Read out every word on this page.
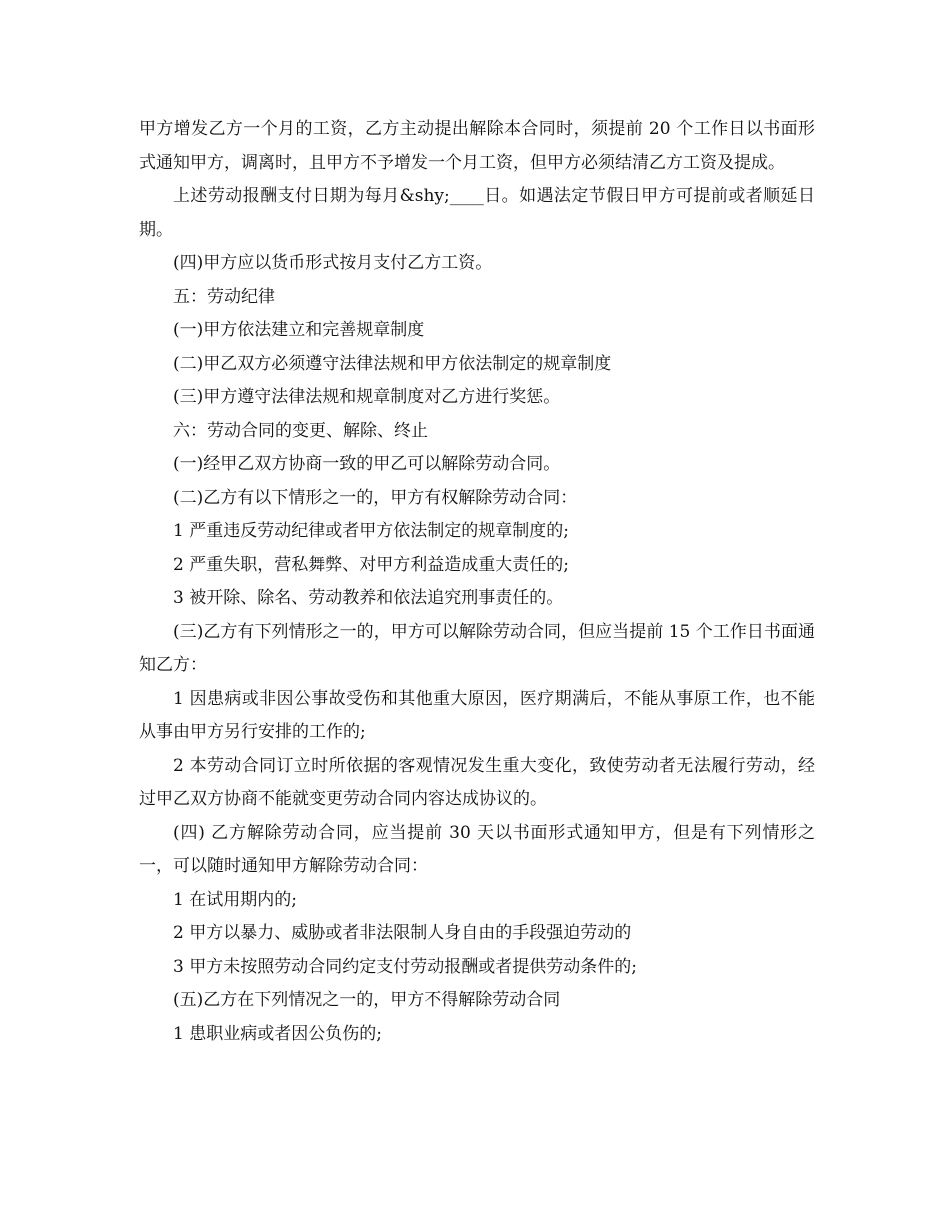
甲方增发乙方一个月的工资，乙方主动提出解除本合同时，须提前 20 个工作日以书面形式通知甲方，调离时，且甲方不予增发一个月工资，但甲方必须结清乙方工资及提成。

上述劳动报酬支付日期为每月&shy;____日。如遇法定节假日甲方可提前或者顺延日期。

(四)甲方应以货币形式按月支付乙方工资。

五：劳动纪律

(一)甲方依法建立和完善规章制度

(二)甲乙双方必须遵守法律法规和甲方依法制定的规章制度

(三)甲方遵守法律法规和规章制度对乙方进行奖惩。

六：劳动合同的变更、解除、终止

(一)经甲乙双方协商一致的甲乙可以解除劳动合同。

(二)乙方有以下情形之一的，甲方有权解除劳动合同：

1 严重违反劳动纪律或者甲方依法制定的规章制度的;

2 严重失职，营私舞弊、对甲方利益造成重大责任的;

3 被开除、除名、劳动教养和依法追究刑事责任的。

(三)乙方有下列情形之一的，甲方可以解除劳动合同，但应当提前 15 个工作日书面通知乙方：

1 因患病或非因公事故受伤和其他重大原因，医疗期满后，不能从事原工作，也不能从事由甲方另行安排的工作的;

2 本劳动合同订立时所依据的客观情况发生重大变化，致使劳动者无法履行劳动，经过甲乙双方协商不能就变更劳动合同内容达成协议的。

(四) 乙方解除劳动合同，应当提前 30 天以书面形式通知甲方，但是有下列情形之一，可以随时通知甲方解除劳动合同：

1 在试用期内的;

2 甲方以暴力、威胁或者非法限制人身自由的手段强迫劳动的

3 甲方未按照劳动合同约定支付劳动报酬或者提供劳动条件的;

(五)乙方在下列情况之一的，甲方不得解除劳动合同

1 患职业病或者因公负伤的;
